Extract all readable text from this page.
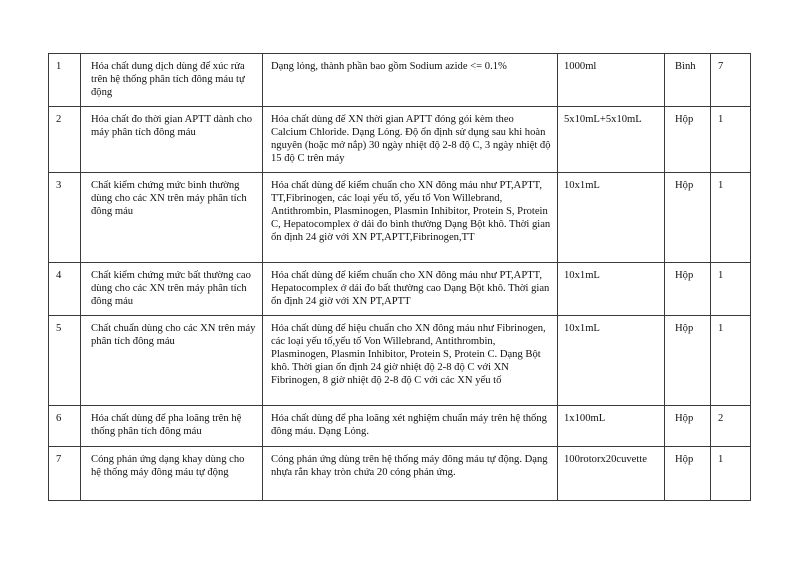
1	Hóa chất dung dịch dùng để xúc rửa trên hệ thống phân tích đông máu tự động	Dạng lỏng, thành phần bao gồm Sodium azide <= 0.1%	1000ml	Bình	7
2	Hóa chất đo thời gian APTT dành cho máy phân tích đông máu	Hóa chất dùng để XN thời gian APTT đóng gói kèm theo Calcium Chloride. Dạng Lỏng. Độ ổn định sử dụng sau khi hoàn nguyên (hoặc mở nắp) 30 ngày nhiệt độ 2-8 độ C, 3 ngày nhiệt độ 15 độ C trên máy	5x10mL+5x10mL	Hộp	1
3	Chất kiểm chứng mức bình thường dùng cho các XN trên máy phân tích đông máu	Hóa chất dùng để kiểm chuẩn cho XN đông máu như PT,APTT, TT,Fibrinogen, các loại yếu tố, yếu tố Von Willebrand, Antithrombin, Plasminogen, Plasmin Inhibitor, Protein S, Protein C, Hepatocomplex ở dải đo bình thường Dạng Bột khô. Thời gian ổn định 24 giờ với XN PT,APTT,Fibrinogen,TT	10x1mL	Hộp	1
4	Chất kiểm chứng mức bất thường cao dùng cho các XN trên máy phân tích đông máu	Hóa chất dùng để kiểm chuẩn cho XN đông máu như PT,APTT, Hepatocomplex ở dải đo bất thường cao Dạng Bột khô. Thời gian ổn định 24 giờ với XN PT,APTT	10x1mL	Hộp	1
5	Chất chuẩn dùng cho các XN trên máy phân tích đông máu	Hóa chất dùng để hiệu chuẩn cho XN đông máu như Fibrinogen, các loại yếu tố,yếu tố Von Willebrand, Antithrombin, Plasminogen, Plasmin Inhibitor, Protein S, Protein C. Dạng Bột khô. Thời gian ổn định 24 giờ nhiệt độ 2-8 độ C với XN Fibrinogen, 8 giờ nhiệt độ 2-8 độ C với các XN yếu tố	10x1mL	Hộp	1
6	Hóa chất dùng để pha loãng trên hệ thống phân tích đông máu	Hóa chất dùng để pha loãng xét nghiệm chuẩn máy trên hệ thống đông máu. Dạng Lỏng.	1x100mL	Hộp	2
7	Cóng phản ứng dạng khay dùng cho hệ thống máy đông máu tự động	Cóng phản ứng dùng trên hệ thống máy đông máu tự động. Dạng nhựa rắn khay tròn chứa 20 cóng phản ứng.	100rotorx20cuvette	Hộp	1
